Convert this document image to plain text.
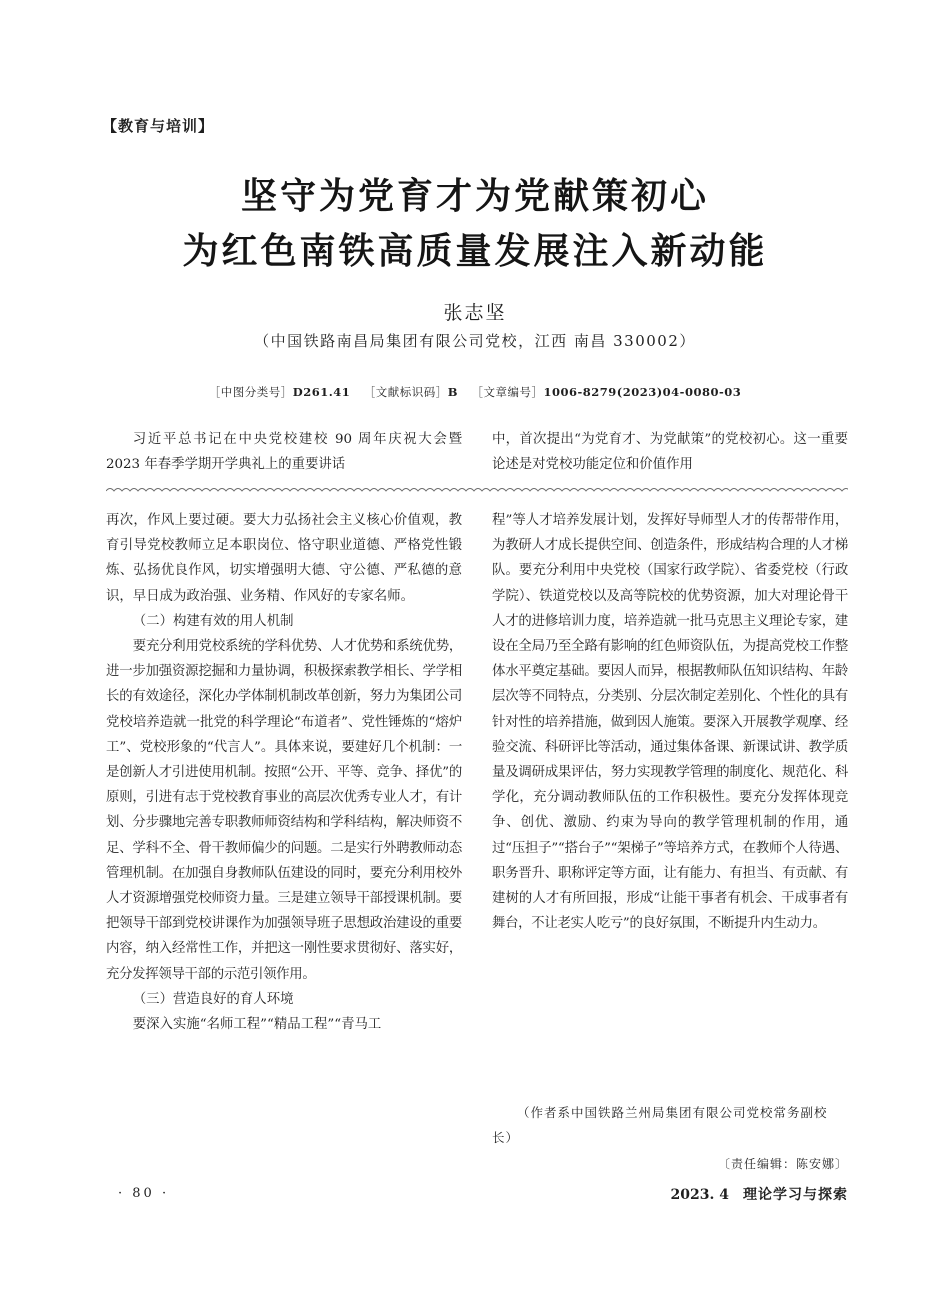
【教育与培训】
坚守为党育才为党献策初心
为红色南铁高质量发展注入新动能
张志坚
（中国铁路南昌局集团有限公司党校，江西 南昌 330002）
［中图分类号］D261.41 ［文献标识码］B ［文章编号］1006-8279(2023)04-0080-03

习近平总书记在中央党校建校 90 周年庆祝大会暨 2023 年春季学期开学典礼上的重要讲话

中，首次提出“为党育才、为党献策”的党校初心。这一重要论述是对党校功能定位和价值作用

再次，作风上要过硬。要大力弘扬社会主义核心价值观，教育引导党校教师立足本职岗位、恪守职业道德、严格党性锻炼、弘扬优良作风，切实增强明大德、守公德、严私德的意识，早日成为政治强、业务精、作风好的专家名师。

（二）构建有效的用人机制

要充分利用党校系统的学科优势、人才优势和系统优势，进一步加强资源挖掘和力量协调，积极探索教学相长、学学相长的有效途径，深化办学体制机制改革创新，努力为集团公司党校培养造就一批党的科学理论“布道者”、党性锤炼的“熔炉工”、党校形象的“代言人”。具体来说，要建好几个机制：一是创新人才引进使用机制。按照“公开、平等、竞争、择优”的原则，引进有志于党校教育事业的高层次优秀专业人才，有计划、分步骤地完善专职教师师资结构和学科结构，解决师资不足、学科不全、骨干教师偏少的问题。二是实行外聘教师动态管理机制。在加强自身教师队伍建设的同时，要充分利用校外人才资源增强党校师资力量。三是建立领导干部授课机制。要把领导干部到党校讲课作为加强领导班子思想政治建设的重要内容，纳入经常性工作，并把这一刚性要求贯彻好、落实好，充分发挥领导干部的示范引领作用。

（三）营造良好的育人环境

要深入实施“名师工程”“精品工程”“青马工

程”等人才培养发展计划，发挥好导师型人才的传帮带作用，为教研人才成长提供空间、创造条件，形成结构合理的人才梯队。要充分利用中央党校（国家行政学院）、省委党校（行政学院）、铁道党校以及高等院校的优势资源，加大对理论骨干人才的进修培训力度，培养造就一批马克思主义理论专家，建设在全局乃至全路有影响的红色师资队伍，为提高党校工作整体水平奠定基础。要因人而异，根据教师队伍知识结构、年龄层次等不同特点，分类别、分层次制定差别化、个性化的具有针对性的培养措施，做到因人施策。要深入开展教学观摩、经验交流、科研评比等活动，通过集体备课、新课试讲、教学质量及调研成果评估，努力实现教学管理的制度化、规范化、科学化，充分调动教师队伍的工作积极性。要充分发挥体现竞争、创优、激励、约束为导向的教学管理机制的作用，通过“压担子”“搭台子”“架梯子”等培养方式，在教师个人待遇、职务晋升、职称评定等方面，让有能力、有担当、有贡献、有建树的人才有所回报，形成“让能干事者有机会、干成事者有舞台，不让老实人吃亏”的良好氛围，不断提升内生动力。

（作者系中国铁路兰州局集团有限公司党校常务副校长）
〔责任编辑：陈安娜〕
· 80 ·	2023. 4 理论学习与探索
